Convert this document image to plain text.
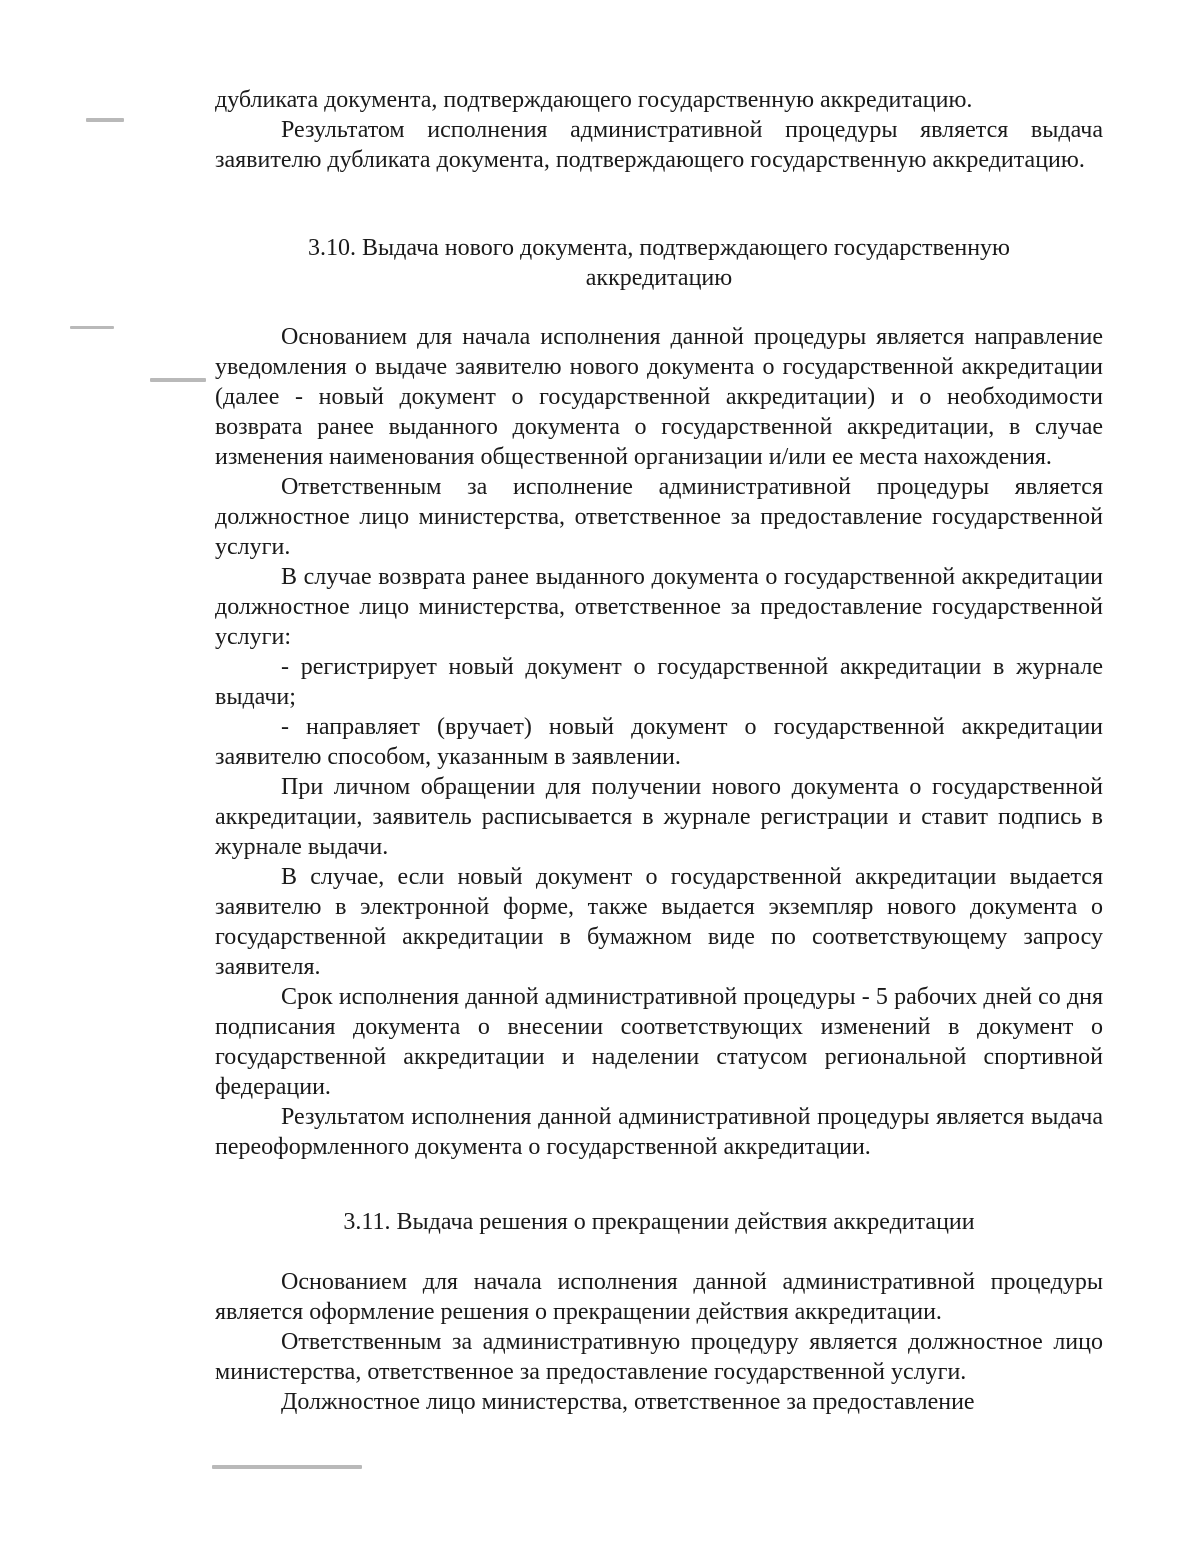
дубликата документа, подтверждающего государственную аккредитацию.

Результатом исполнения административной процедуры является выдача заявителю дубликата документа, подтверждающего государственную аккредитацию.

3.10. Выдача нового документа, подтверждающего государственную

аккредитацию

Основанием для начала исполнения данной процедуры является направление уведомления о выдаче заявителю нового документа о государственной аккредитации (далее - новый документ о государственной аккредитации) и о необходимости возврата ранее выданного документа о государственной аккредитации, в случае изменения наименования общественной организации и/или ее места нахождения.

Ответственным за исполнение административной процедуры является должностное лицо министерства, ответственное за предоставление государственной услуги.

В случае возврата ранее выданного документа о государственной аккредитации должностное лицо министерства, ответственное за предоставление государственной услуги:

- регистрирует новый документ о государственной аккредитации в журнале выдачи;

- направляет (вручает) новый документ о государственной аккредитации заявителю способом, указанным в заявлении.

При личном обращении для получении нового документа о государственной аккредитации, заявитель расписывается в журнале регистрации и ставит подпись в журнале выдачи.

В случае, если новый документ о государственной аккредитации выдается заявителю в электронной форме, также выдается экземпляр нового документа о государственной аккредитации в бумажном виде по соответствующему запросу заявителя.

Срок исполнения данной административной процедуры - 5 рабочих дней со дня подписания документа о внесении соответствующих изменений в документ о государственной аккредитации и наделении статусом региональной спортивной федерации.

Результатом исполнения данной административной процедуры является выдача переоформленного документа о государственной аккредитации.

3.11. Выдача решения о прекращении действия аккредитации

Основанием для начала исполнения данной административной процедуры является оформление решения о прекращении действия аккредитации.

Ответственным за административную процедуру является должностное лицо министерства, ответственное за предоставление государственной услуги.

Должностное лицо министерства, ответственное за предоставление
